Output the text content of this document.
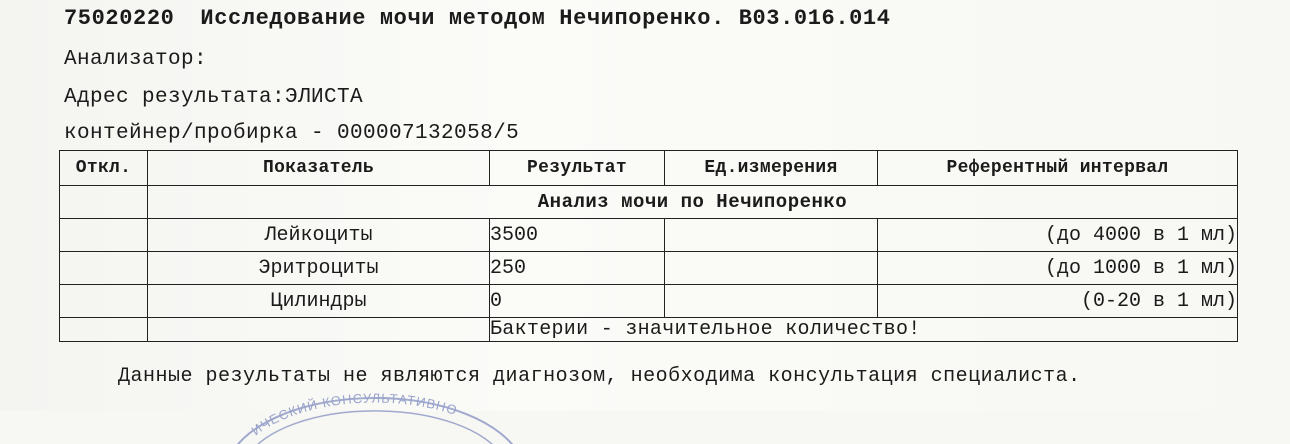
75020220 Исследование мочи методом Нечипоренко. B03.016.014
Анализатор:
Адрес результата:ЭЛИСТА
контейнер/пробирка - 000007132058/5
Откл.	Показатель	Результат	Ед.измерения	Референтный интервал
	Анализ мочи по Нечипоренко			
	Лейкоциты	3500		(до 4000 в 1 мл)
	Эритроциты	250		(до 1000 в 1 мл)
	Цилиндры	0		(0-20 в 1 мл)
		Бактерии - значительное количество!		
Данные результаты не являются диагнозом, необходима консультация специалиста.
ИЧЕСКИЙ КОНСУЛЬТАТИВНО
